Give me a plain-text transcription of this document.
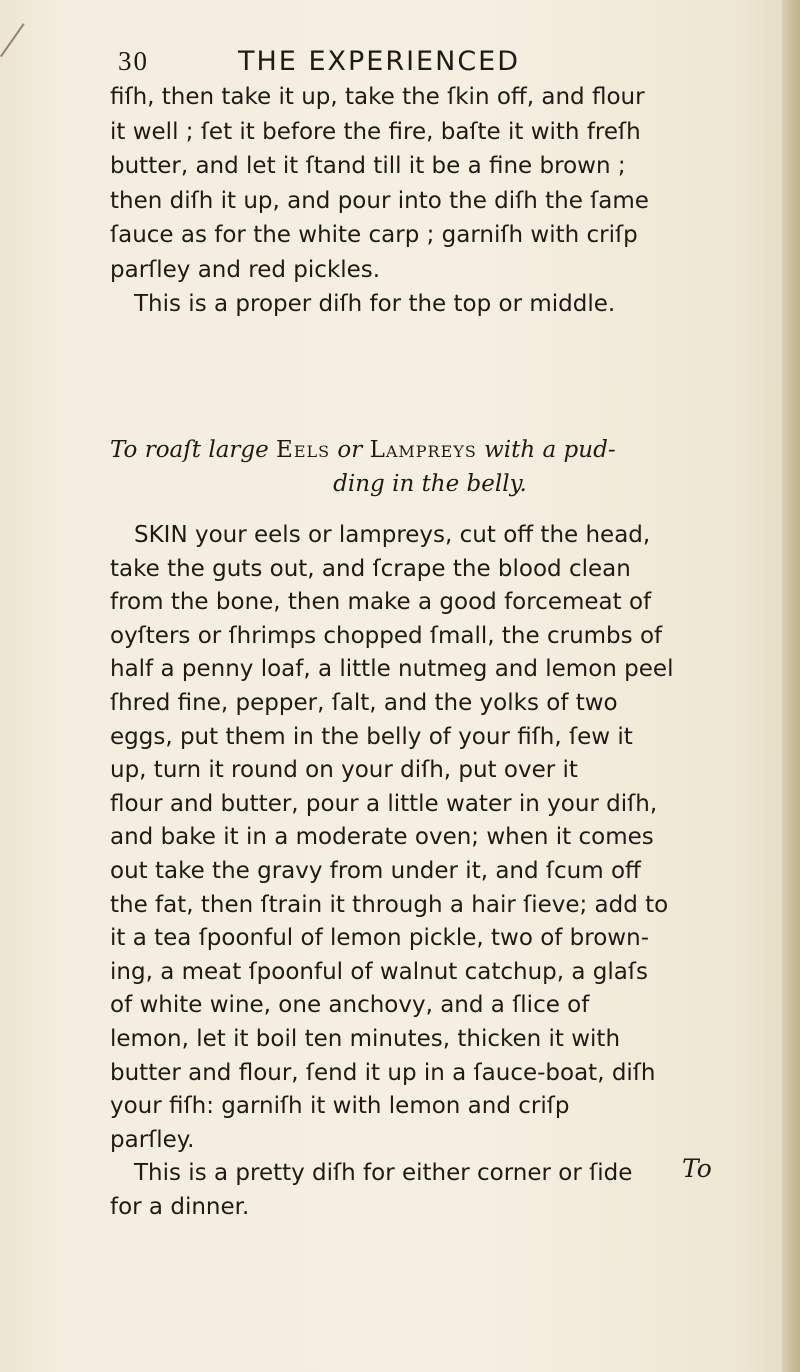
30	THE EXPERIENCED
fiſh, then take it up, take the ſkin off, and flour
it well ; ſet it before the fire, baſte it with freſh
butter, and let it ſtand till it be a fine brown ;
then diſh it up, and pour into the diſh the ſame
ſauce as for the white carp ; garniſh with criſp
parſley and red pickles.
This is a proper diſh for the top or middle.
To roaſt large Eels or Lampreys with a pud-
ding in the belly.
SKIN your eels or lampreys, cut off the head,
take the guts out, and ſcrape the blood clean
from the bone, then make a good forcemeat of
oyſters or ſhrimps chopped ſmall, the crumbs of
half a penny loaf, a little nutmeg and lemon peel
ſhred fine, pepper, ſalt, and the yolks of two
eggs, put them in the belly of your fiſh, ſew it
up, turn it round on your diſh, put over it
flour and butter, pour a little water in your diſh,
and bake it in a moderate oven; when it comes
out take the gravy from under it, and ſcum off
the fat, then ſtrain it through a hair ſieve; add to
it a tea ſpoonful of lemon pickle, two of brown-
ing, a meat ſpoonful of walnut catchup, a glaſs
of white wine, one anchovy, and a ſlice of
lemon, let it boil ten minutes, thicken it with
butter and flour, ſend it up in a ſauce-boat, diſh
your fiſh: garniſh it with lemon and criſp
parſley.
This is a pretty diſh for either corner or ſide
for a dinner.
To
